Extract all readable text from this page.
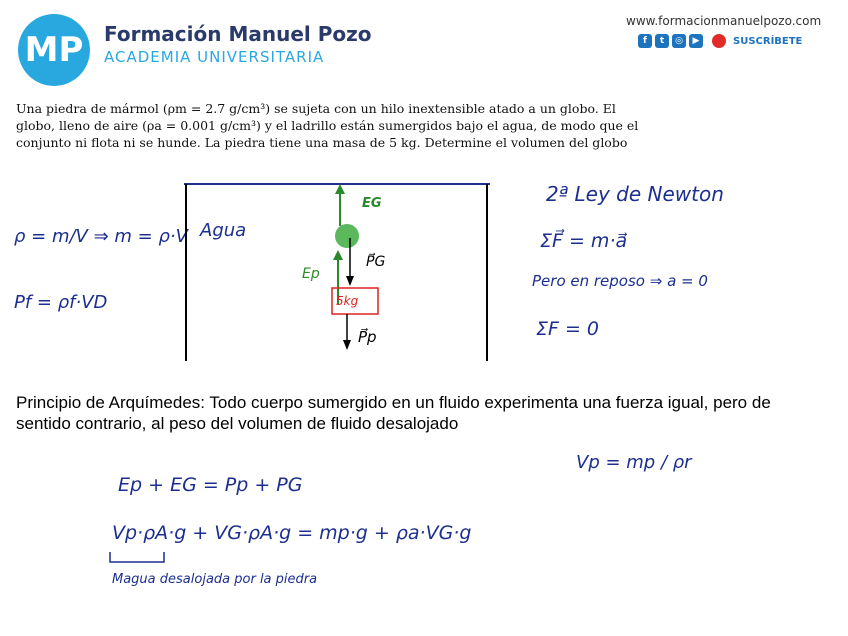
MP	Formación Manuel Pozo
ACADEMIA UNIVERSITARIA
www.formacionmanuelpozo.com
f	t	◎	▶	SUSCRÍBETE
Una piedra de mármol (ρm = 2.7 g/cm³) se sujeta con un hilo inextensible atado a un globo. El globo, lleno de aire (ρa = 0.001 g/cm³) y el ladrillo están sumergidos bajo el agua, de modo que el conjunto ni flota ni se hunde. La piedra tiene una masa de 5 kg. Determine el volumen del globo
ρ = m/V ⇒ m = ρ·V
Pf = ρf·VD
Agua
EG
P⃗G
Ep
5kg
P⃗p
2ª Ley de Newton
ΣF⃗ = m·a⃗
Pero en reposo ⇒ a = 0
ΣF = 0
Principio de Arquímedes: Todo cuerpo sumergido en un fluido experimenta una fuerza igual, pero de sentido contrario, al peso del volumen de fluido desalojado
Vp = mp / ρr
Ep + EG = Pp + PG
Vp·ρA·g + VG·ρA·g = mp·g + ρa·VG·g
Magua desalojada por la piedra
